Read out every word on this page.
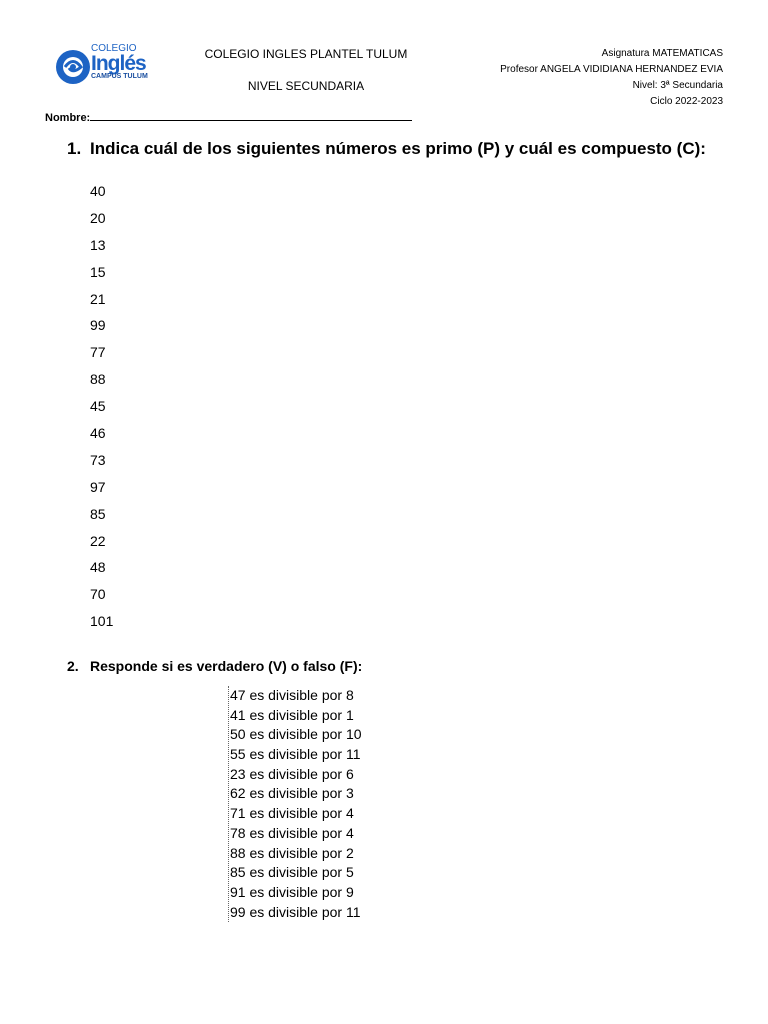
COLEGIO
Inglés
CAMPUS TULUM
COLEGIO INGLES PLANTEL TULUM
NIVEL SECUNDARIA
Asignatura MATEMATICAS
Profesor ANGELA VIDIDIANA HERNANDEZ EVIA
Nivel: 3ª Secundaria
Ciclo 2022-2023
Nombre:
1. Indica cuál de los siguientes números es primo (P) y cuál es compuesto (C):
40
20
13
15
21
99
77
88
45
46
73
97
85
22
48
70
101
2. Responde si es verdadero (V) o falso (F):
47 es divisible por 8
41 es divisible por 1
50 es divisible por 10
55 es divisible por 11
23 es divisible por 6
62 es divisible por 3
71 es divisible por 4
78 es divisible por 4
88 es divisible por 2
85 es divisible por 5
91 es divisible por 9
99 es divisible por 11
